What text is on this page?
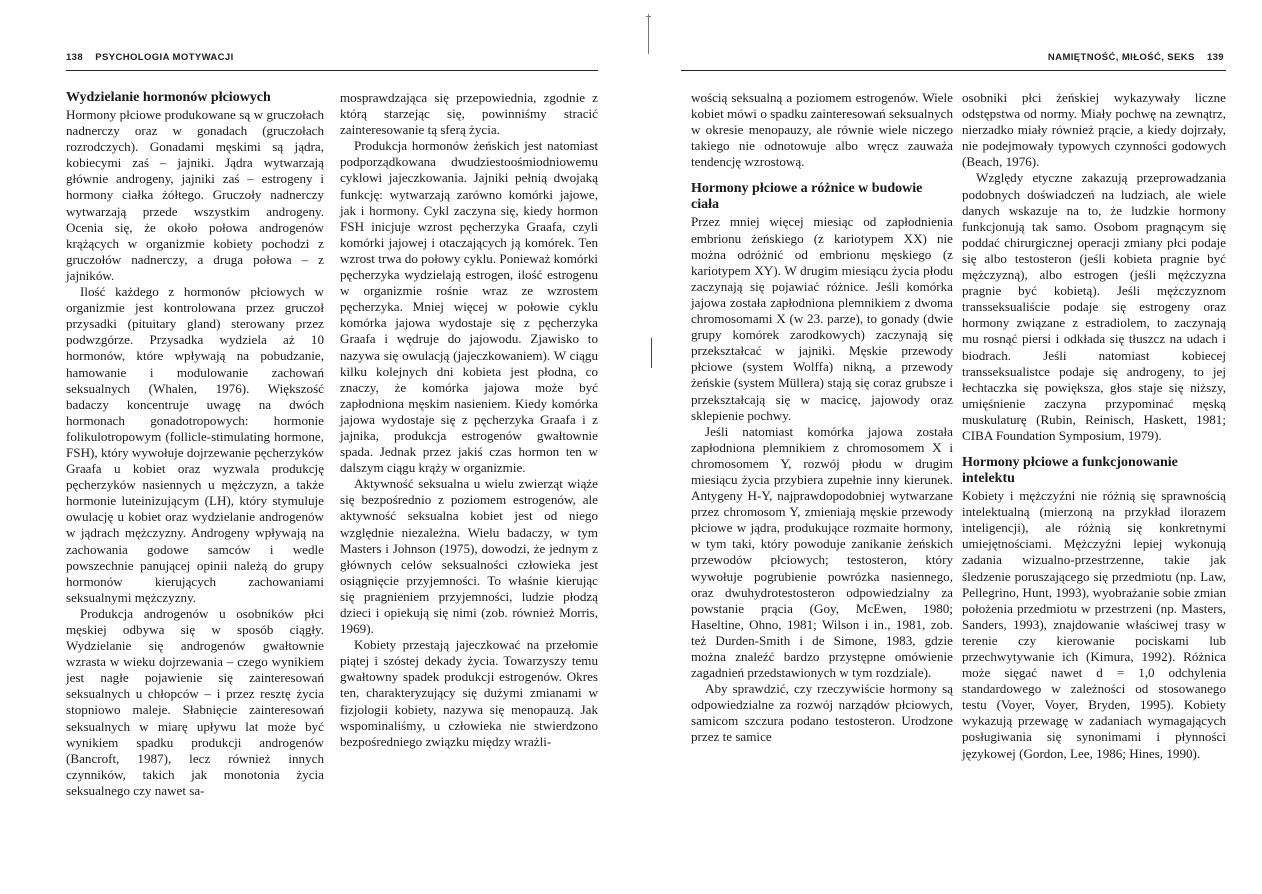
138 PSYCHOLOGIA MOTYWACJI
Wydzielanie hormonów płciowych

Hormony płciowe produkowane są w gruczołach nadnerczy oraz w gonadach (gruczołach rozrodczych). Gonadami męskimi są jądra, kobiecymi zaś – jajniki. Jądra wytwarzają głównie androgeny, jajniki zaś – estrogeny i hormony ciałka żółtego. Gruczoły nadnerczy wytwarzają przede wszystkim androgeny. Ocenia się, że około połowa androgenów krążących w organizmie kobiety pochodzi z gruczołów nadnerczy, a druga połowa – z jajników.

Ilość każdego z hormonów płciowych w organizmie jest kontrolowana przez gruczoł przysadki (pituitary gland) sterowany przez podwzgórze. Przysadka wydziela aż 10 hormonów, które wpływają na pobudzanie, hamowanie i modulowanie zachowań seksualnych (Whalen, 1976). Większość badaczy koncentruje uwagę na dwóch hormonach gonadotropowych: hormonie folikulotropowym (follicle-stimulating hormone, FSH), który wywołuje dojrzewanie pęcherzyków Graafa u kobiet oraz wyzwala produkcję pęcherzyków nasiennych u mężczyzn, a także hormonie luteinizującym (LH), który stymuluje owulację u kobiet oraz wydzielanie androgenów w jądrach mężczyzny. Androgeny wpływają na zachowania godowe samców i wedle powszechnie panującej opinii należą do grupy hormonów kierujących zachowaniami seksualnymi mężczyzny.

Produkcja androgenów u osobników płci męskiej odbywa się w sposób ciągły. Wydzielanie się androgenów gwałtownie wzrasta w wieku dojrzewania – czego wynikiem jest nagłe pojawienie się zainteresowań seksualnych u chłopców – i przez resztę życia stopniowo maleje. Słabnięcie zainteresowań seksualnych w miarę upływu lat może być wynikiem spadku produkcji androgenów (Bancroft, 1987), lecz również innych czynników, takich jak monotonia życia seksualnego czy nawet sa-

mosprawdzająca się przepowiednia, zgodnie z którą starzejąc się, powinniśmy stracić zainteresowanie tą sferą życia.

Produkcja hormonów żeńskich jest natomiast podporządkowana dwudziestoośmiodniowemu cyklowi jajeczkowania. Jajniki pełnią dwojaką funkcję: wytwarzają zarówno komórki jajowe, jak i hormony. Cykl zaczyna się, kiedy hormon FSH inicjuje wzrost pęcherzyka Graafa, czyli komórki jajowej i otaczających ją komórek. Ten wzrost trwa do połowy cyklu. Ponieważ komórki pęcherzyka wydzielają estrogen, ilość estrogenu w organizmie rośnie wraz ze wzrostem pęcherzyka. Mniej więcej w połowie cyklu komórka jajowa wydostaje się z pęcherzyka Graafa i wędruje do jajowodu. Zjawisko to nazywa się owulacją (jajeczkowaniem). W ciągu kilku kolejnych dni kobieta jest płodna, co znaczy, że komórka jajowa może być zapłodniona męskim nasieniem. Kiedy komórka jajowa wydostaje się z pęcherzyka Graafa i z jajnika, produkcja estrogenów gwałtownie spada. Jednak przez jakiś czas hormon ten w dalszym ciągu krąży w organizmie.

Aktywność seksualna u wielu zwierząt wiąże się bezpośrednio z poziomem estrogenów, ale aktywność seksualna kobiet jest od niego względnie niezależna. Wielu badaczy, w tym Masters i Johnson (1975), dowodzi, że jednym z głównych celów seksualności człowieka jest osiągnięcie przyjemności. To właśnie kierując się pragnieniem przyjemności, ludzie płodzą dzieci i opiekują się nimi (zob. również Morris, 1969).

Kobiety przestają jajeczkować na przełomie piątej i szóstej dekady życia. Towarzyszy temu gwałtowny spadek produkcji estrogenów. Okres ten, charakteryzujący się dużymi zmianami w fizjologii kobiety, nazywa się menopauzą. Jak wspominaliśmy, u człowieka nie stwierdzono bezpośredniego związku między wrażli-

NAMIĘTNOŚĆ, MIŁOŚĆ, SEKS 139

wością seksualną a poziomem estrogenów. Wiele kobiet mówi o spadku zainteresowań seksualnych w okresie menopauzy, ale równie wiele niczego takiego nie odnotowuje albo wręcz zauważa tendencję wzrostową.

Hormony płciowe a różnice w budowie ciała

Przez mniej więcej miesiąc od zapłodnienia embrionu żeńskiego (z kariotypem XX) nie można odróżnić od embrionu męskiego (z kariotypem XY). W drugim miesiącu życia płodu zaczynają się pojawiać różnice. Jeśli komórka jajowa została zapłodniona plemnikiem z dwoma chromosomami X (w 23. parze), to gonady (dwie grupy komórek zarodkowych) zaczynają się przekształcać w jajniki. Męskie przewody płciowe (system Wolffa) nikną, a przewody żeńskie (system Müllera) stają się coraz grubsze i przekształcają się w macicę, jajowody oraz sklepienie pochwy.

Jeśli natomiast komórka jajowa została zapłodniona plemnikiem z chromosomem X i chromosomem Y, rozwój płodu w drugim miesiącu życia przybiera zupełnie inny kierunek. Antygeny H-Y, najprawdopodobniej wytwarzane przez chromosom Y, zmieniają męskie przewody płciowe w jądra, produkujące rozmaite hormony, w tym taki, który powoduje zanikanie żeńskich przewodów płciowych; testosteron, który wywołuje pogrubienie powrózka nasiennego, oraz dwuhydrotestosteron odpowiedzialny za powstanie prącia (Goy, McEwen, 1980; Haseltine, Ohno, 1981; Wilson i in., 1981, zob. też Durden-Smith i de Simone, 1983, gdzie można znaleźć bardzo przystępne omówienie zagadnień przedstawionych w tym rozdziale).

Aby sprawdzić, czy rzeczywiście hormony są odpowiedzialne za rozwój narządów płciowych, samicom szczura podano testosteron. Urodzone przez te samice

osobniki płci żeńskiej wykazywały liczne odstępstwa od normy. Miały pochwę na zewnątrz, nierzadko miały również prącie, a kiedy dojrzały, nie podejmowały typowych czynności godowych (Beach, 1976).

Względy etyczne zakazują przeprowadzania podobnych doświadczeń na ludziach, ale wiele danych wskazuje na to, że ludzkie hormony funkcjonują tak samo. Osobom pragnącym się poddać chirurgicznej operacji zmiany płci podaje się albo testosteron (jeśli kobieta pragnie być mężczyzną), albo estrogen (jeśli mężczyzna pragnie być kobietą). Jeśli mężczyznom transseksualiście podaje się estrogeny oraz hormony związane z estradiolem, to zaczynają mu rosnąć piersi i odkłada się tłuszcz na udach i biodrach. Jeśli natomiast kobiecej transseksualistce podaje się androgeny, to jej łechtaczka się powiększa, głos staje się niższy, umięśnienie zaczyna przypominać męską muskulaturę (Rubin, Reinisch, Haskett, 1981; CIBA Foundation Symposium, 1979).

Hormony płciowe a funkcjonowanie intelektu

Kobiety i mężczyźni nie różnią się sprawnością intelektualną (mierzoną na przykład ilorazem inteligencji), ale różnią się konkretnymi umiejętnościami. Mężczyźni lepiej wykonują zadania wizualno-przestrzenne, takie jak śledzenie poruszającego się przedmiotu (np. Law, Pellegrino, Hunt, 1993), wyobrażanie sobie zmian położenia przedmiotu w przestrzeni (np. Masters, Sanders, 1993), znajdowanie właściwej trasy w terenie czy kierowanie pociskami lub przechwytywanie ich (Kimura, 1992). Różnica może sięgać nawet d = 1,0 odchylenia standardowego w zależności od stosowanego testu (Voyer, Voyer, Bryden, 1995). Kobiety wykazują przewagę w zadaniach wymagających posługiwania się synonimami i płynności językowej (Gordon, Lee, 1986; Hines, 1990).
